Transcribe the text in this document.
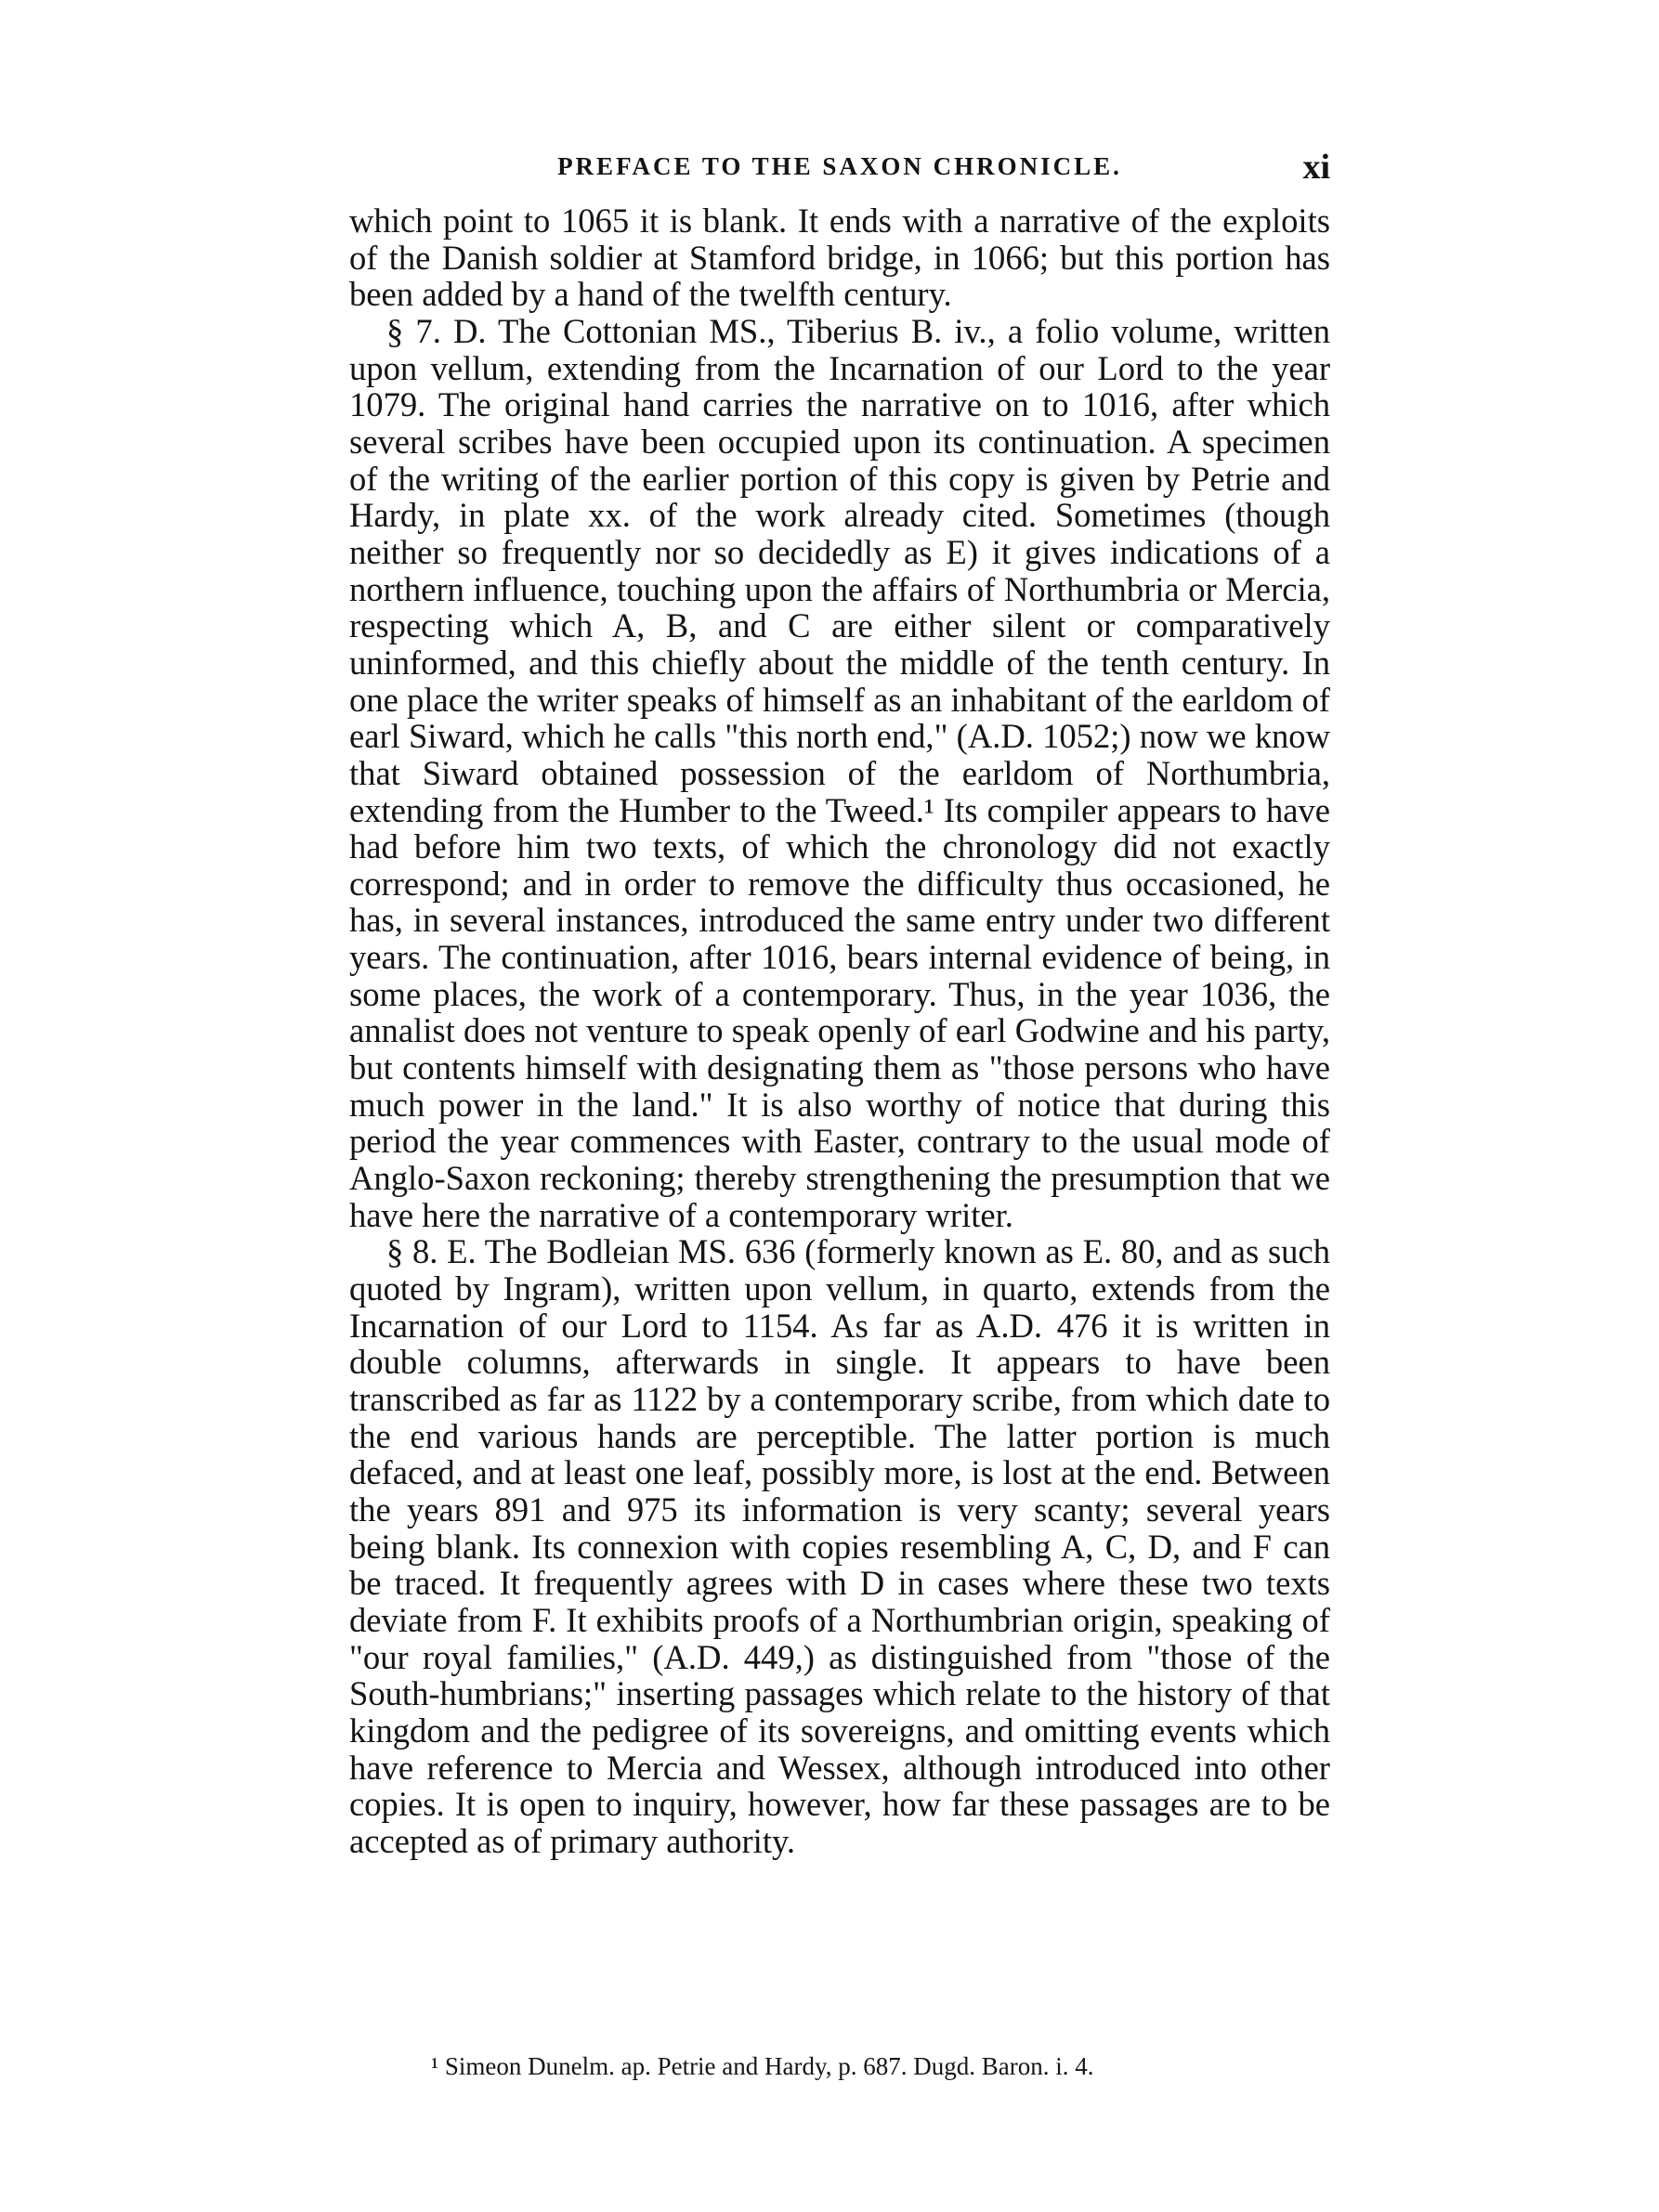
PREFACE TO THE SAXON CHRONICLE.	xi

which point to 1065 it is blank. It ends with a narrative of the exploits of the Danish soldier at Stamford bridge, in 1066; but this portion has been added by a hand of the twelfth century.

§ 7. D. The Cottonian MS., Tiberius B. iv., a folio volume, written upon vellum, extending from the Incarnation of our Lord to the year 1079. The original hand carries the narrative on to 1016, after which several scribes have been occupied upon its continuation. A specimen of the writing of the earlier portion of this copy is given by Petrie and Hardy, in plate xx. of the work already cited. Sometimes (though neither so frequently nor so decidedly as E) it gives indications of a northern influence, touching upon the affairs of Northumbria or Mercia, respecting which A, B, and C are either silent or comparatively uninformed, and this chiefly about the middle of the tenth century. In one place the writer speaks of himself as an inhabitant of the earldom of earl Siward, which he calls "this north end," (A.D. 1052;) now we know that Siward obtained possession of the earldom of Northumbria, extending from the Humber to the Tweed.¹ Its compiler appears to have had before him two texts, of which the chronology did not exactly correspond; and in order to remove the difficulty thus occasioned, he has, in several instances, introduced the same entry under two different years. The continuation, after 1016, bears internal evidence of being, in some places, the work of a contemporary. Thus, in the year 1036, the annalist does not venture to speak openly of earl Godwine and his party, but contents himself with designating them as "those persons who have much power in the land." It is also worthy of notice that during this period the year commences with Easter, contrary to the usual mode of Anglo-Saxon reckoning; thereby strengthening the presumption that we have here the narrative of a contemporary writer.

§ 8. E. The Bodleian MS. 636 (formerly known as E. 80, and as such quoted by Ingram), written upon vellum, in quarto, extends from the Incarnation of our Lord to 1154. As far as A.D. 476 it is written in double columns, afterwards in single. It appears to have been transcribed as far as 1122 by a contemporary scribe, from which date to the end various hands are perceptible. The latter portion is much defaced, and at least one leaf, possibly more, is lost at the end. Between the years 891 and 975 its information is very scanty; several years being blank. Its connexion with copies resembling A, C, D, and F can be traced. It frequently agrees with D in cases where these two texts deviate from F. It exhibits proofs of a Northumbrian origin, speaking of "our royal families," (A.D. 449,) as distinguished from "those of the South-humbrians;" inserting passages which relate to the history of that kingdom and the pedigree of its sovereigns, and omitting events which have reference to Mercia and Wessex, although introduced into other copies. It is open to inquiry, however, how far these passages are to be accepted as of primary authority.

¹ Simeon Dunelm. ap. Petrie and Hardy, p. 687. Dugd. Baron. i. 4.
